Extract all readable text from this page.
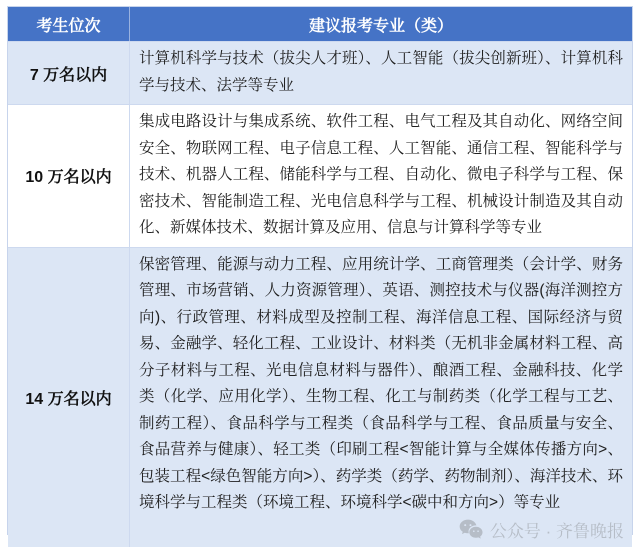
考生位次	建议报考专业（类）
7 万名以内
计算机科学与技术（拔尖人才班）、人工智能（拔尖创新班）、计算机科学与技术、法学等专业
10 万名以内
集成电路设计与集成系统、软件工程、电气工程及其自动化、网络空间安全、物联网工程、电子信息工程、人工智能、通信工程、智能科学与技术、机器人工程、储能科学与工程、自动化、微电子科学与工程、保密技术、智能制造工程、光电信息科学与工程、机械设计制造及其自动化、新媒体技术、数据计算及应用、信息与计算科学等专业
14 万名以内
保密管理、能源与动力工程、应用统计学、工商管理类（会计学、财务管理、市场营销、人力资源管理）、英语、测控技术与仪器(海洋测控方向)、行政管理、材料成型及控制工程、海洋信息工程、国际经济与贸易、金融学、轻化工程、工业设计、材料类（无机非金属材料工程、高分子材料与工程、光电信息材料与器件）、酿酒工程、金融科技、化学类（化学、应用化学）、生物工程、化工与制药类（化学工程与工艺、制药工程）、食品科学与工程类（食品科学与工程、食品质量与安全、食品营养与健康）、轻工类（印刷工程<智能计算与全媒体传播方向>、包装工程<绿色智能方向>）、药学类（药学、药物制剂）、海洋技术、环境科学与工程类（环境工程、环境科学<碳中和方向>）等专业
公众号 · 齐鲁晚报
